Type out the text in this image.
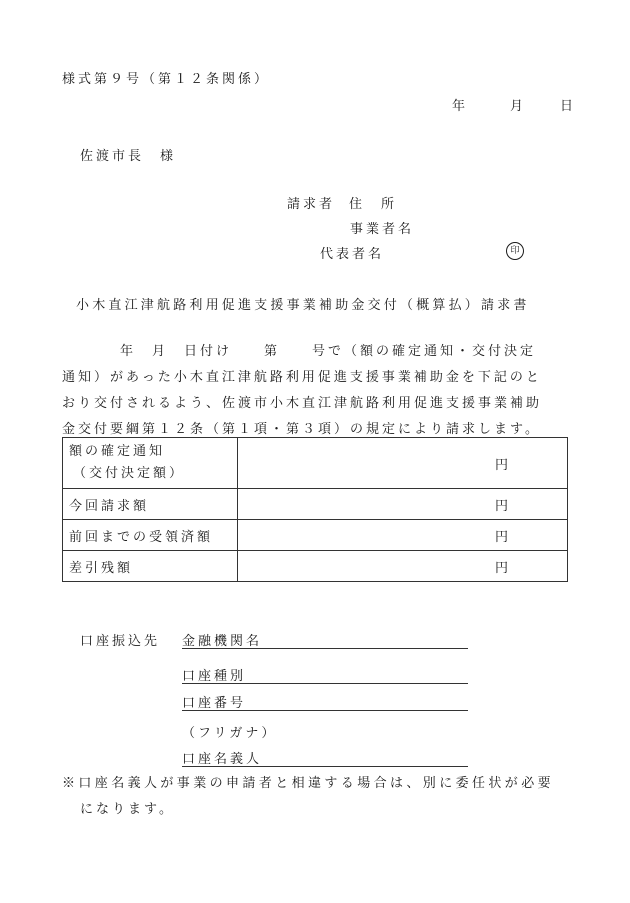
様式第９号（第１２条関係）
年	月	日
佐渡市長 様
請求者 住　所
事業者名
代表者名	印
小木直江津航路利用促進支援事業補助金交付（概算払）請求書
年　月　日付け　　第　　号で（額の確定通知・交付決定
通知）があった小木直江津航路利用促進支援事業補助金を下記のと
おり交付されるよう、佐渡市小木直江津航路利用促進支援事業補助
金交付要綱第１２条（第１項・第３項）の規定により請求します。
額の確定通知
（交付決定額）	円
今回請求額	円
前回までの受領済額	円
差引残額	円
口座振込先 金融機関名
口座種別
口座番号
（フリガナ）
口座名義人
※口座名義人が事業の申請者と相違する場合は、別に委任状が必要
になります。
